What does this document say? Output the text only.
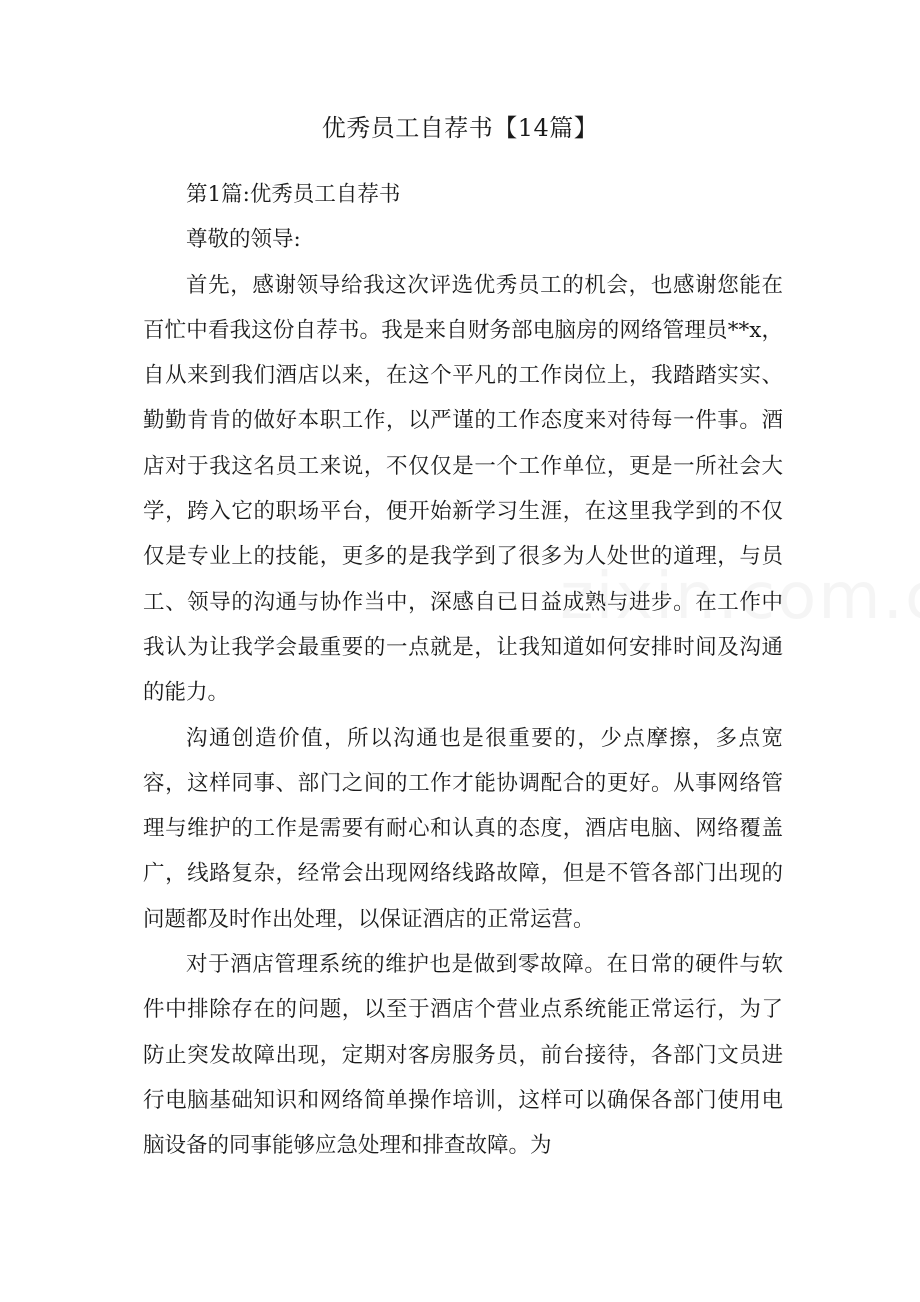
优秀员工自荐书【14篇】

第1篇:优秀员工自荐书

尊敬的领导:

首先，感谢领导给我这次评选优秀员工的机会，也感谢您能在百忙中看我这份自荐书。我是来自财务部电脑房的网络管理员**x，自从来到我们酒店以来，在这个平凡的工作岗位上，我踏踏实实、勤勤肯肯的做好本职工作，以严谨的工作态度来对待每一件事。酒店对于我这名员工来说，不仅仅是一个工作单位，更是一所社会大学，跨入它的职场平台，便开始新学习生涯，在这里我学到的不仅仅是专业上的技能，更多的是我学到了很多为人处世的道理，与员工、领导的沟通与协作当中，深感自已日益成熟与进步。在工作中我认为让我学会最重要的一点就是，让我知道如何安排时间及沟通的能力。

沟通创造价值，所以沟通也是很重要的，少点摩擦，多点宽容，这样同事、部门之间的工作才能协调配合的更好。从事网络管理与维护的工作是需要有耐心和认真的态度，酒店电脑、网络覆盖广，线路复杂，经常会出现网络线路故障，但是不管各部门出现的问题都及时作出处理，以保证酒店的正常运营。

对于酒店管理系统的维护也是做到零故障。在日常的硬件与软件中排除存在的问题，以至于酒店个营业点系统能正常运行，为了防止突发故障出现，定期对客房服务员，前台接待，各部门文员进行电脑基础知识和网络简单操作培训，这样可以确保各部门使用电脑设备的同事能够应急处理和排查故障。为
